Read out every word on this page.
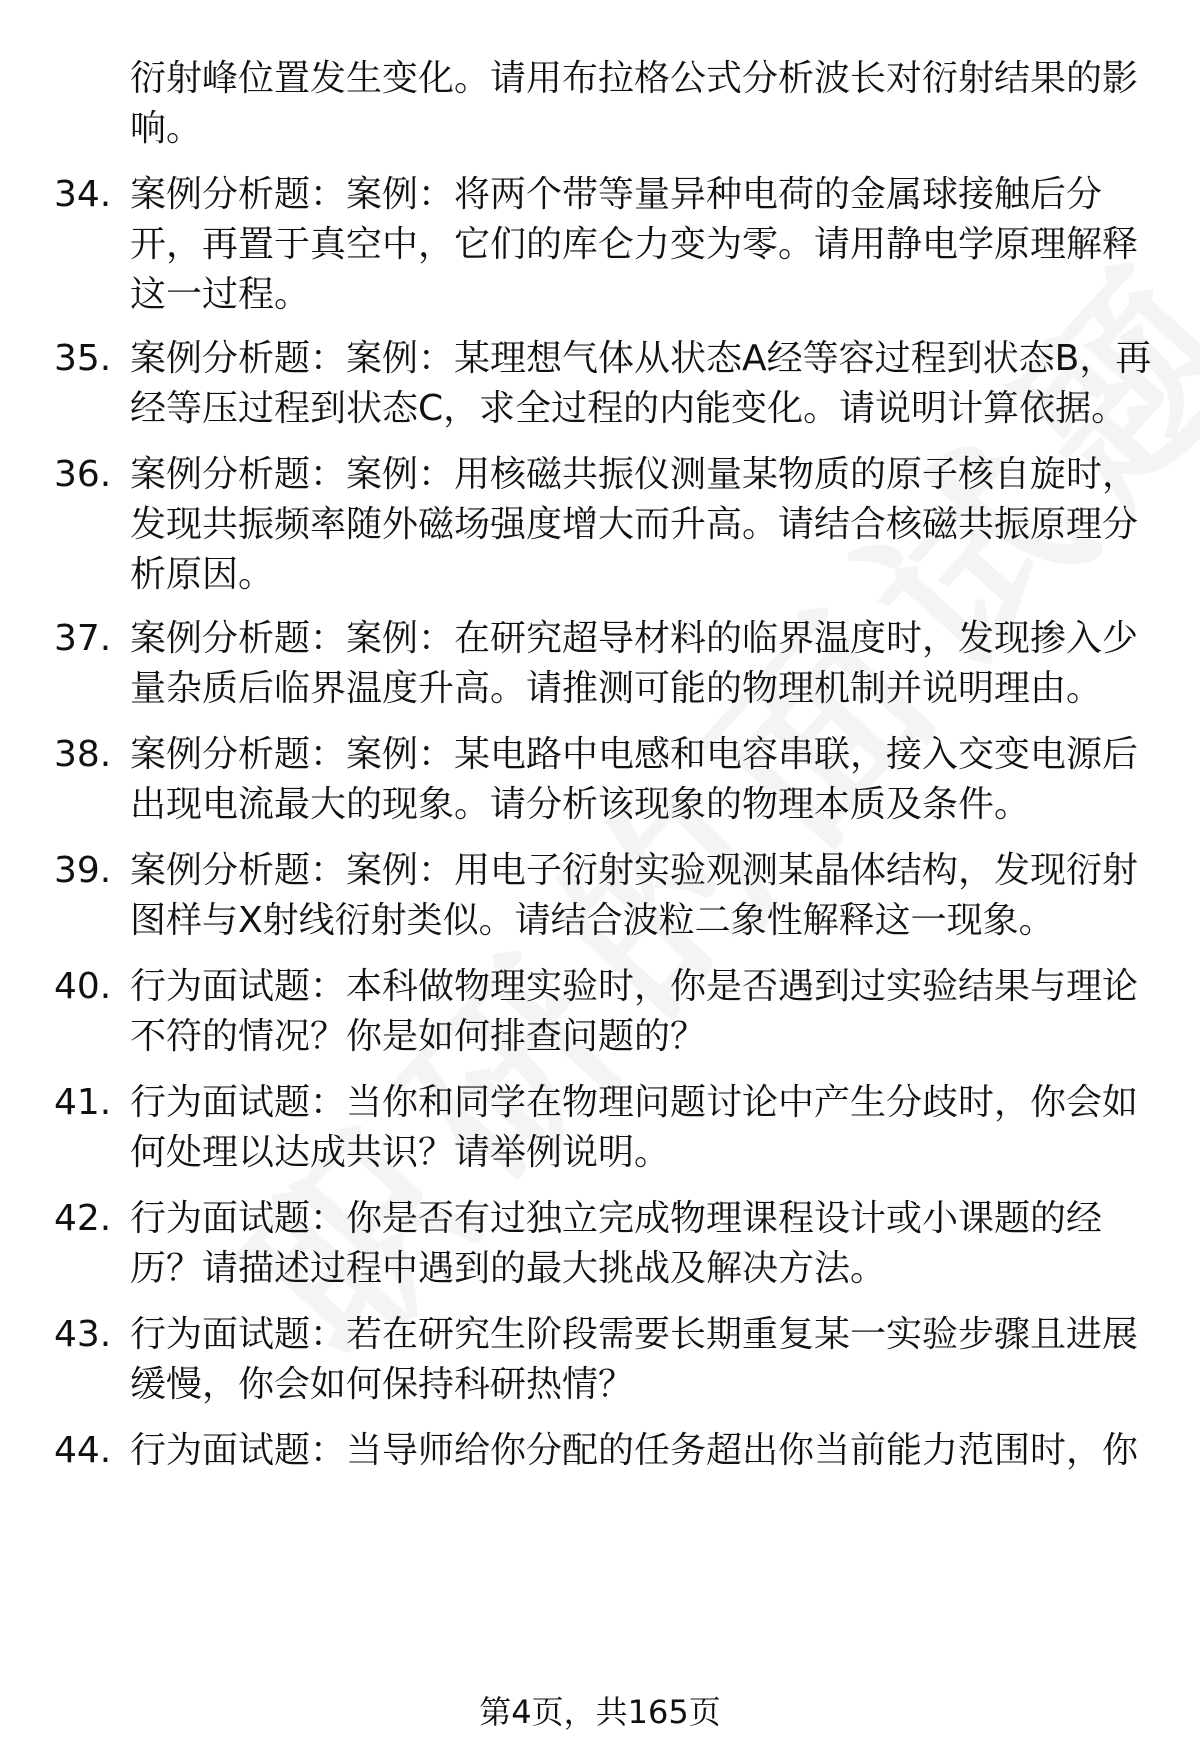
衍射峰位置发生变化。请用布拉格公式分析波长对衍射结果的影响。
34. 案例分析题：案例：将两个带等量异种电荷的金属球接触后分开，再置于真空中，它们的库仑力变为零。请用静电学原理解释这一过程。
35. 案例分析题：案例：某理想气体从状态A经等容过程到状态B，再经等压过程到状态C，求全过程的内能变化。请说明计算依据。
36. 案例分析题：案例：用核磁共振仪测量某物质的原子核自旋时，发现共振频率随外磁场强度增大而升高。请结合核磁共振原理分析原因。
37. 案例分析题：案例：在研究超导材料的临界温度时，发现掺入少量杂质后临界温度升高。请推测可能的物理机制并说明理由。
38. 案例分析题：案例：某电路中电感和电容串联，接入交变电源后出现电流最大的现象。请分析该现象的物理本质及条件。
39. 案例分析题：案例：用电子衍射实验观测某晶体结构，发现衍射图样与X射线衍射类似。请结合波粒二象性解释这一现象。
40. 行为面试题：本科做物理实验时，你是否遇到过实验结果与理论不符的情况？你是如何排查问题的？
41. 行为面试题：当你和同学在物理问题讨论中产生分歧时，你会如何处理以达成共识？请举例说明。
42. 行为面试题：你是否有过独立完成物理课程设计或小课题的经历？请描述过程中遇到的最大挑战及解决方法。
43. 行为面试题：若在研究生阶段需要长期重复某一实验步骤且进展缓慢，你会如何保持科研热情？
44. 行为面试题：当导师给你分配的任务超出你当前能力范围时，你
第4页，共165页
